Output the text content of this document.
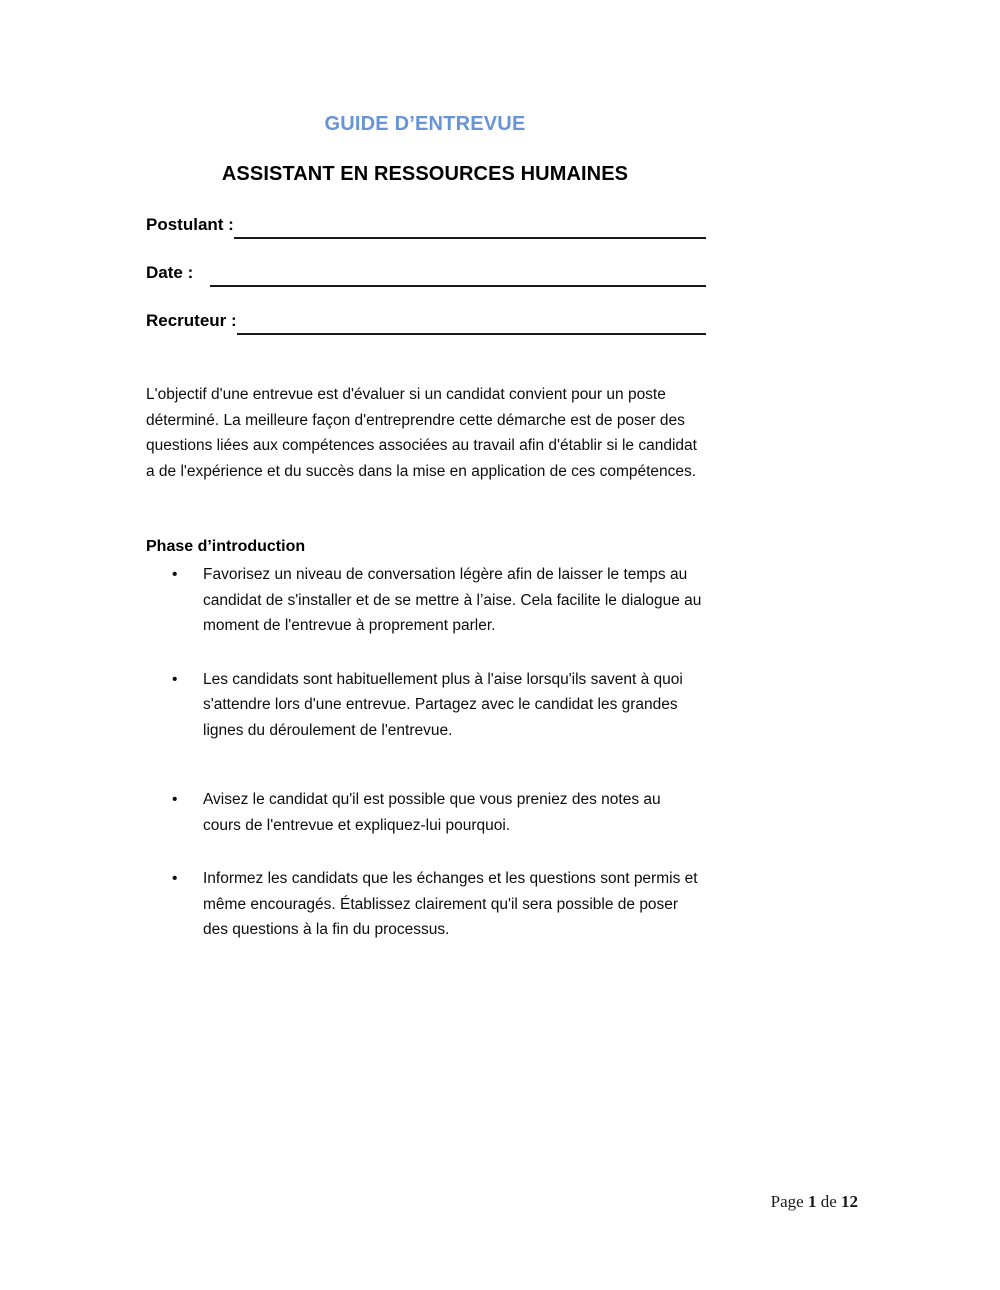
GUIDE D’ENTREVUE
ASSISTANT EN RESSOURCES HUMAINES
Postulant :
Date :
Recruteur :

L'objectif d'une entrevue est d'évaluer si un candidat convient pour un poste déterminé. La meilleure façon d'entreprendre cette démarche est de poser des questions liées aux compétences associées au travail afin d'établir si le candidat a de l'expérience et du succès dans la mise en application de ces compétences.

Phase d’introduction
• Favorisez un niveau de conversation légère afin de laisser le temps au candidat de s'installer et de se mettre à l’aise. Cela facilite le dialogue au moment de l'entrevue à proprement parler.
• Les candidats sont habituellement plus à l'aise lorsqu'ils savent à quoi s'attendre lors d'une entrevue. Partagez avec le candidat les grandes lignes du déroulement de l'entrevue.
• Avisez le candidat qu'il est possible que vous preniez des notes au cours de l'entrevue et expliquez-lui pourquoi.
• Informez les candidats que les échanges et les questions sont permis et même encouragés. Établissez clairement qu'il sera possible de poser des questions à la fin du processus.

Page 1 de 12
